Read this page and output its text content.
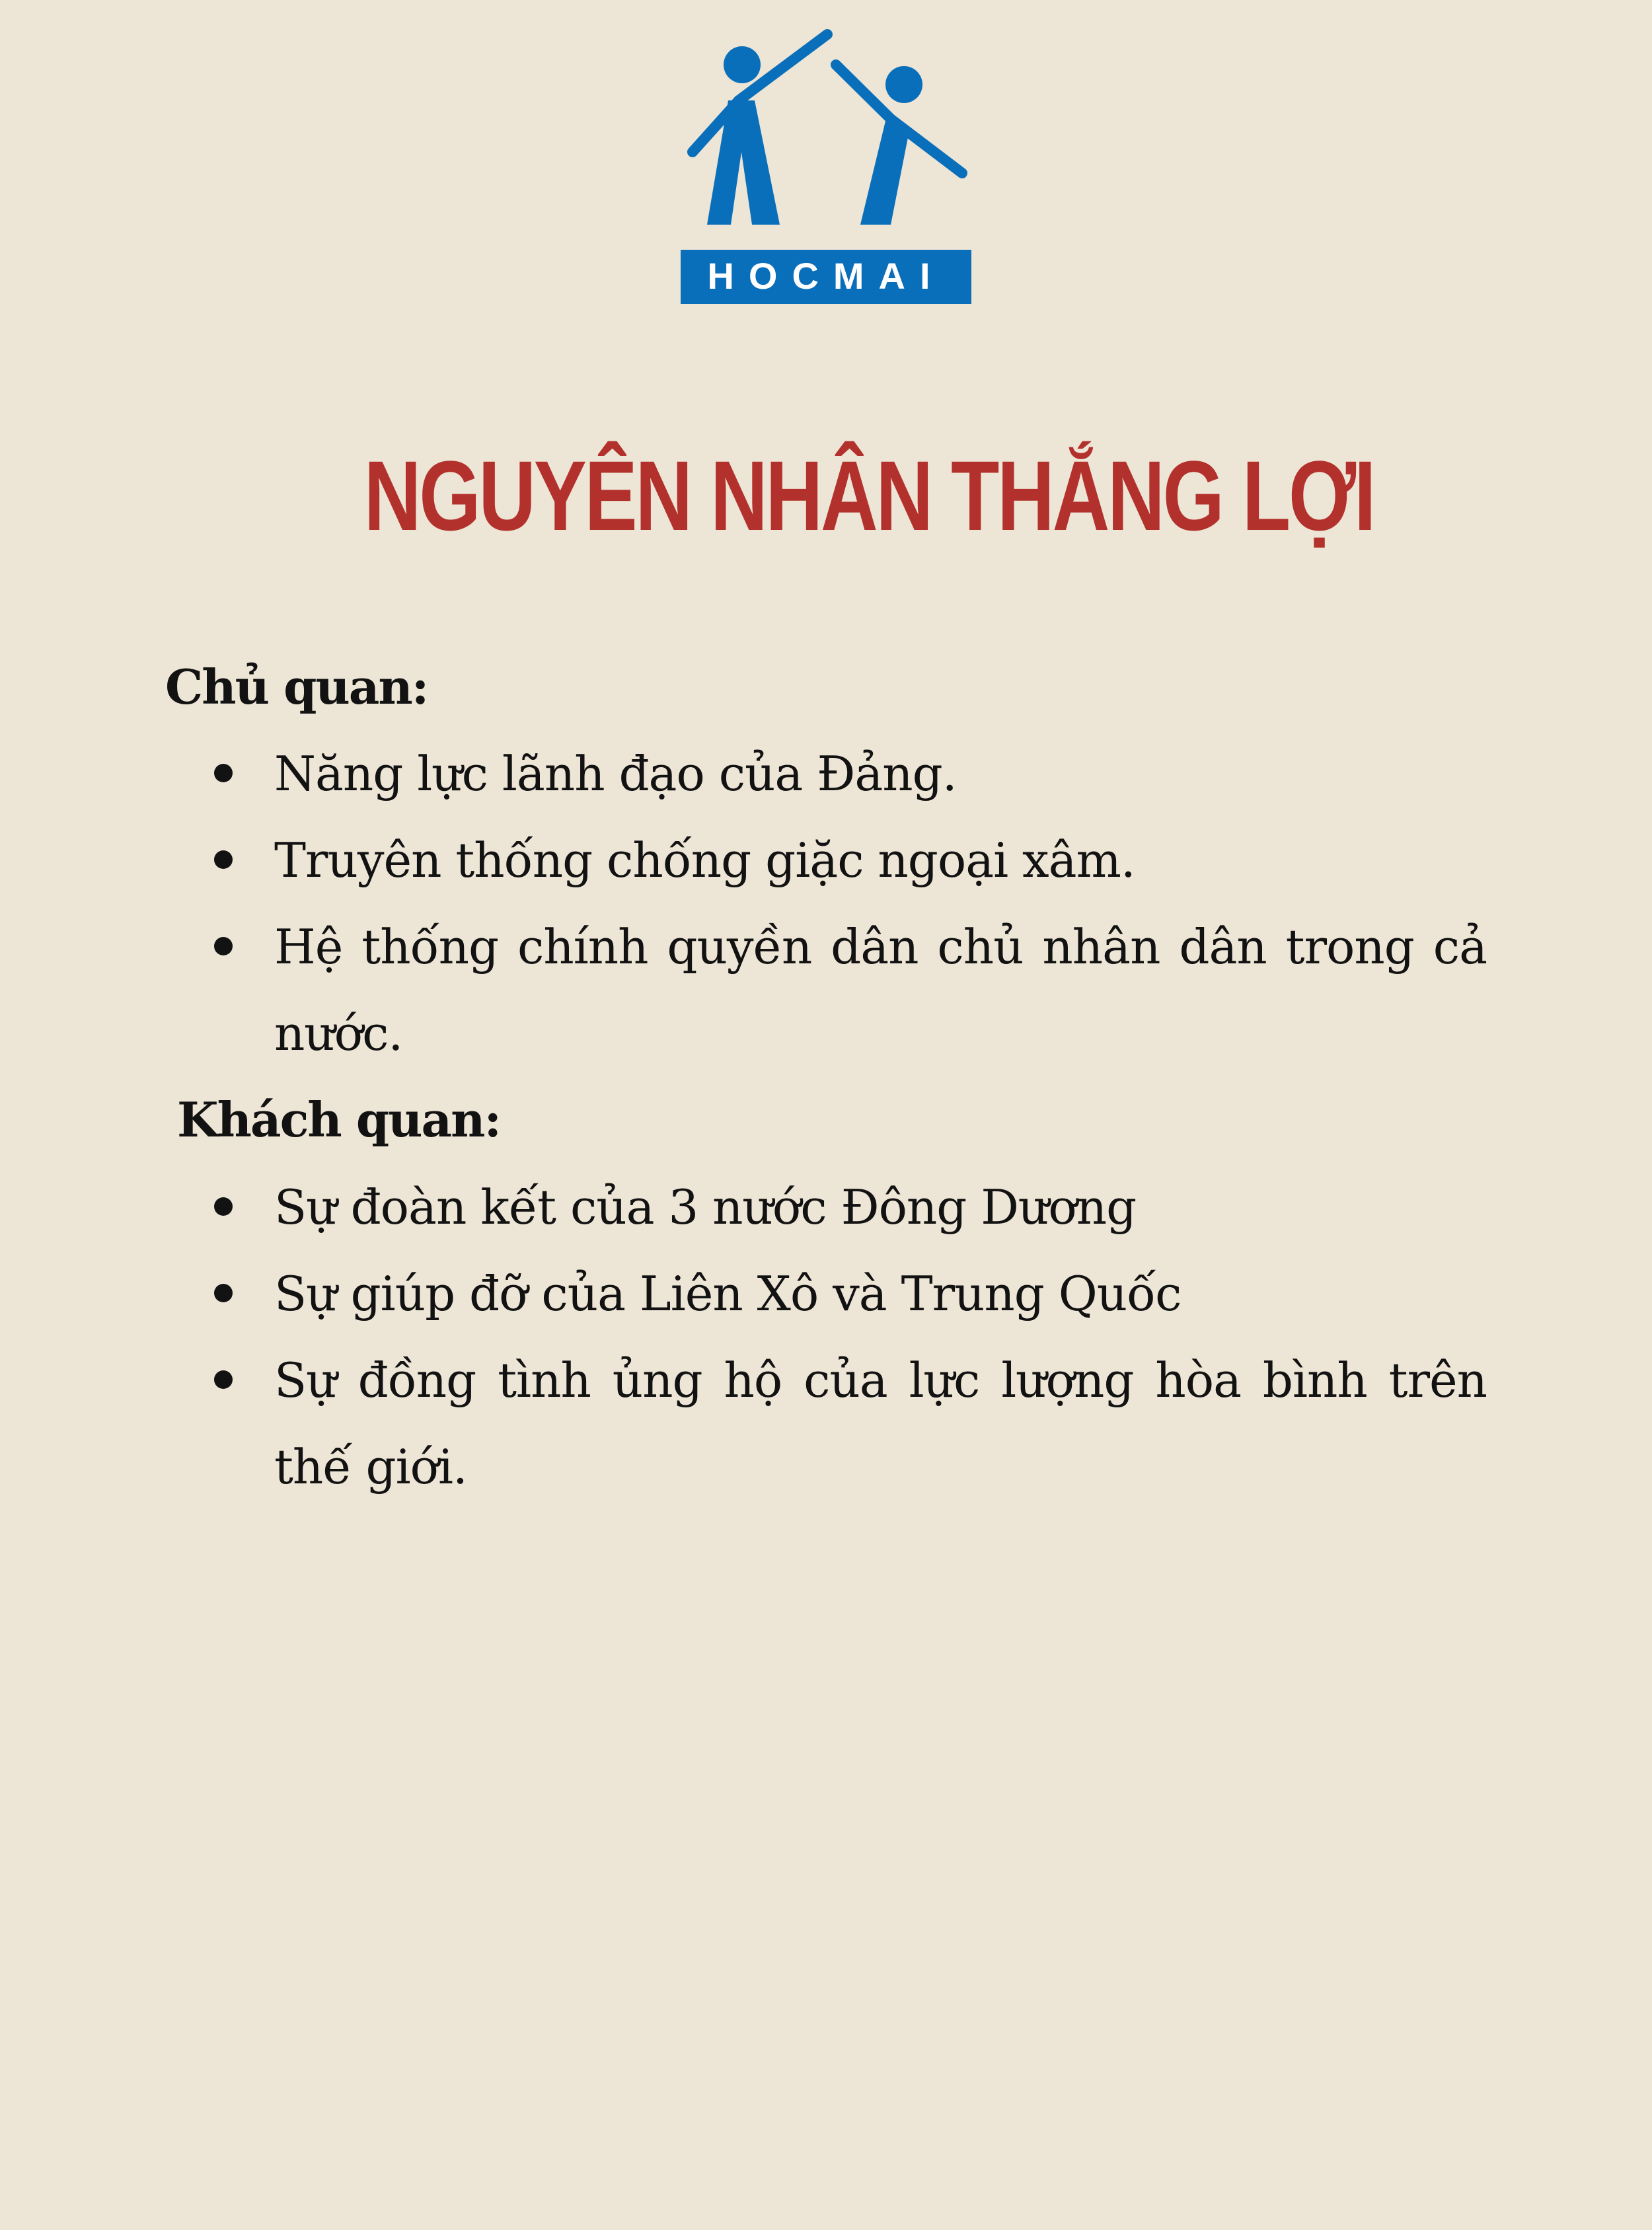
HOCMAI
NGUYÊN NHÂN THẮNG LỢI
Chủ quan:
Năng lực lãnh đạo của Đảng.
Truyên thống chống giặc ngoại xâm.
Hệ thống chính quyền dân chủ nhân dân trong cả nước.
Khách quan:
Sự đoàn kết của 3 nước Đông Dương
Sự giúp đỡ của Liên Xô và Trung Quốc
Sự đồng tình ủng hộ của lực lượng hòa bình trên thế giới.
